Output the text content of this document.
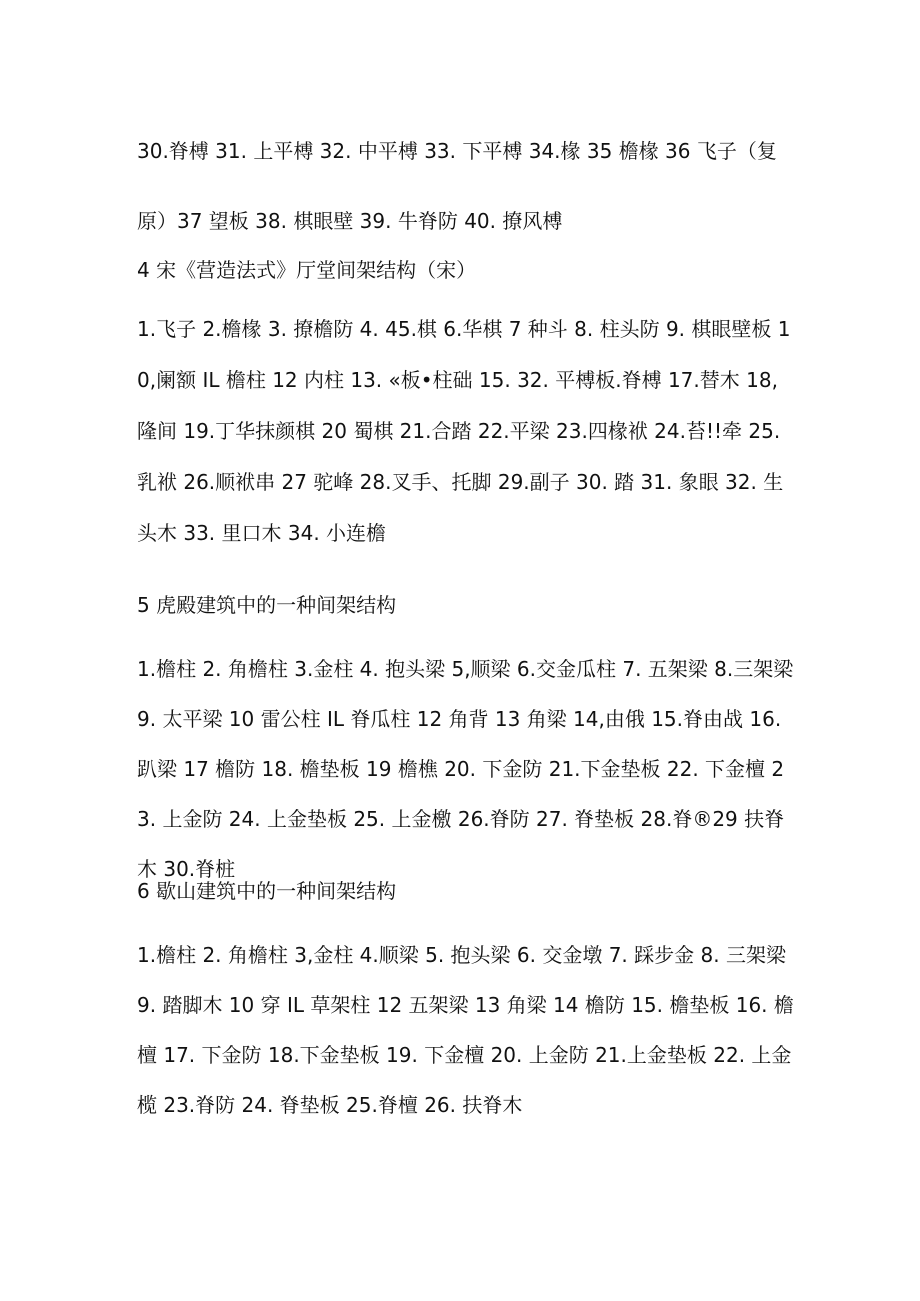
30.脊榑 31. 上平榑 32. 中平榑 33. 下平榑 34.椽 35 檐椽 36 飞子（复原）37 望板 38. 棋眼壁 39. 牛脊防 40. 撩风榑

4 宋《营造法式》厅堂间架结构（宋）

1.飞子 2.檐椽 3. 撩檐防 4. 45.棋 6.华棋 7 种斗 8. 柱头防 9. 棋眼壁板 10,阑额 IL 檐柱 12 内柱 13. «板•柱础 15. 32. 平榑板.脊榑 17.替木 18,隆间 19.丁华抹颜棋 20 蜀棋 21.合踏 22.平梁 23.四椽袱 24.苔!!牵 25.乳袱 26.顺袱串 27 驼峰 28.叉手、托脚 29.副子 30. 踏 31. 象眼 32. 生头木 33. 里口木 34. 小连檐

5 虎殿建筑中的一种间架结构

1.檐柱 2. 角檐柱 3.金柱 4. 抱头梁 5,顺梁 6.交金瓜柱 7. 五架梁 8.三架梁 9. 太平梁 10 雷公柱 IL 脊瓜柱 12 角背 13 角梁 14,由俄 15.脊由战 16.趴梁 17 檐防 18. 檐垫板 19 檐樵 20. 下金防 21.下金垫板 22. 下金檀 23. 上金防 24. 上金垫板 25. 上金檄 26.脊防 27. 脊垫板 28.脊®29 扶脊木 30.脊桩

6 歇山建筑中的一种间架结构

1.檐柱 2. 角檐柱 3,金柱 4.顺梁 5. 抱头梁 6. 交金墩 7. 踩步金 8. 三架梁 9. 踏脚木 10 穿 IL 草架柱 12 五架梁 13 角梁 14 檐防 15. 檐垫板 16. 檐檀 17. 下金防 18.下金垫板 19. 下金檀 20. 上金防 21.上金垫板 22. 上金榄 23.脊防 24. 脊垫板 25.脊檀 26. 扶脊木
